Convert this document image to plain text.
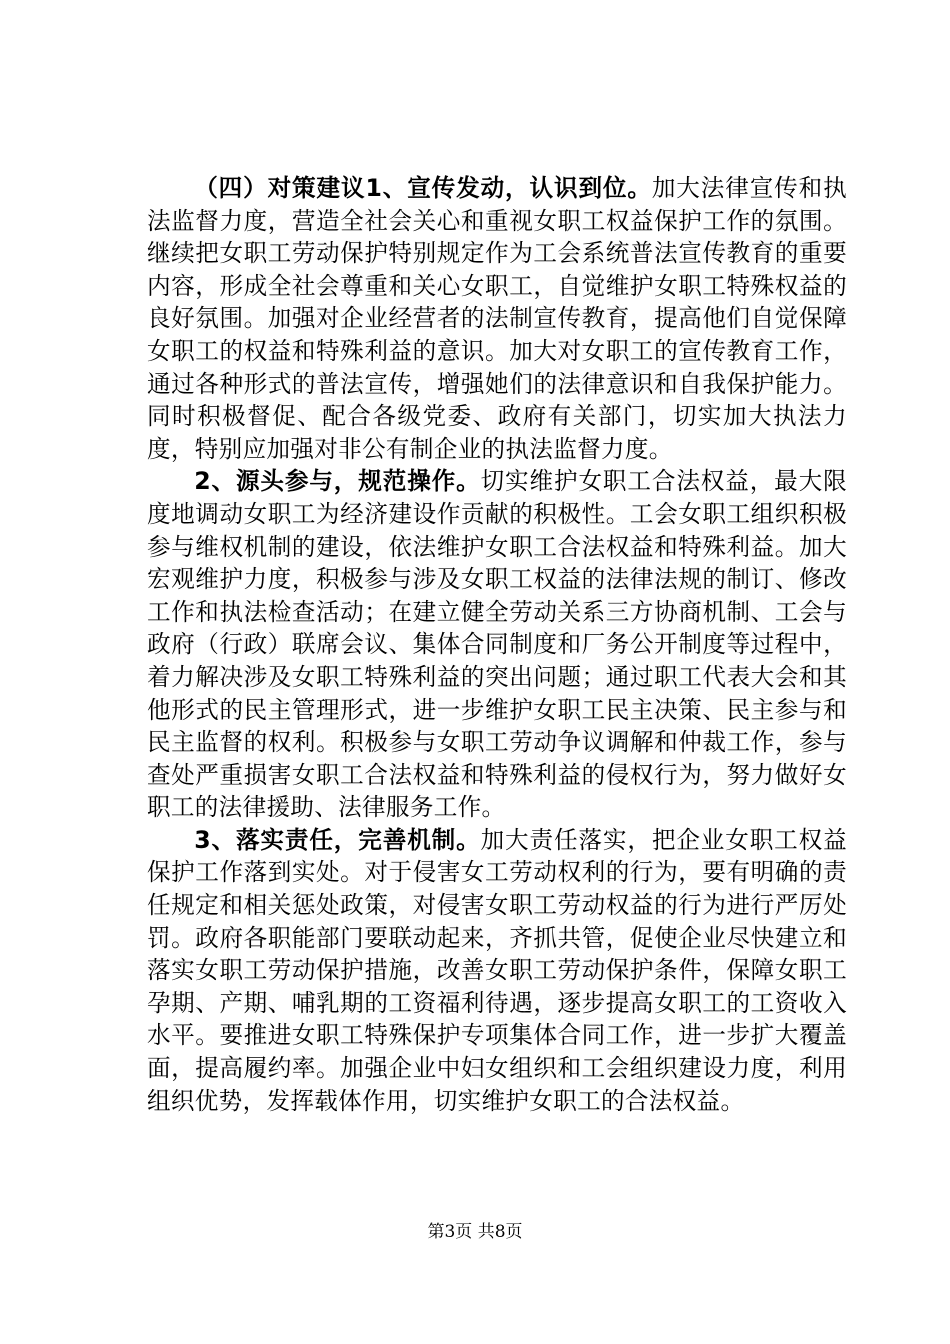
（四）对策建议1、宣传发动，认识到位。加大法律宣传和执法监督力度，营造全社会关心和重视女职工权益保护工作的氛围。继续把女职工劳动保护特别规定作为工会系统普法宣传教育的重要内容，形成全社会尊重和关心女职工，自觉维护女职工特殊权益的良好氛围。加强对企业经营者的法制宣传教育，提高他们自觉保障女职工的权益和特殊利益的意识。加大对女职工的宣传教育工作，通过各种形式的普法宣传，增强她们的法律意识和自我保护能力。同时积极督促、配合各级党委、政府有关部门，切实加大执法力度，特别应加强对非公有制企业的执法监督力度。

2、源头参与，规范操作。切实维护女职工合法权益，最大限度地调动女职工为经济建设作贡献的积极性。工会女职工组织积极参与维权机制的建设，依法维护女职工合法权益和特殊利益。加大宏观维护力度，积极参与涉及女职工权益的法律法规的制订、修改工作和执法检查活动；在建立健全劳动关系三方协商机制、工会与政府（行政）联席会议、集体合同制度和厂务公开制度等过程中，着力解决涉及女职工特殊利益的突出问题；通过职工代表大会和其他形式的民主管理形式，进一步维护女职工民主决策、民主参与和民主监督的权利。积极参与女职工劳动争议调解和仲裁工作，参与查处严重损害女职工合法权益和特殊利益的侵权行为，努力做好女职工的法律援助、法律服务工作。

3、落实责任，完善机制。加大责任落实，把企业女职工权益保护工作落到实处。对于侵害女工劳动权利的行为，要有明确的责任规定和相关惩处政策，对侵害女职工劳动权益的行为进行严厉处罚。政府各职能部门要联动起来，齐抓共管，促使企业尽快建立和落实女职工劳动保护措施，改善女职工劳动保护条件，保障女职工孕期、产期、哺乳期的工资福利待遇，逐步提高女职工的工资收入水平。要推进女职工特殊保护专项集体合同工作，进一步扩大覆盖面，提高履约率。加强企业中妇女组织和工会组织建设力度，利用组织优势，发挥载体作用，切实维护女职工的合法权益。

第3页 共8页
